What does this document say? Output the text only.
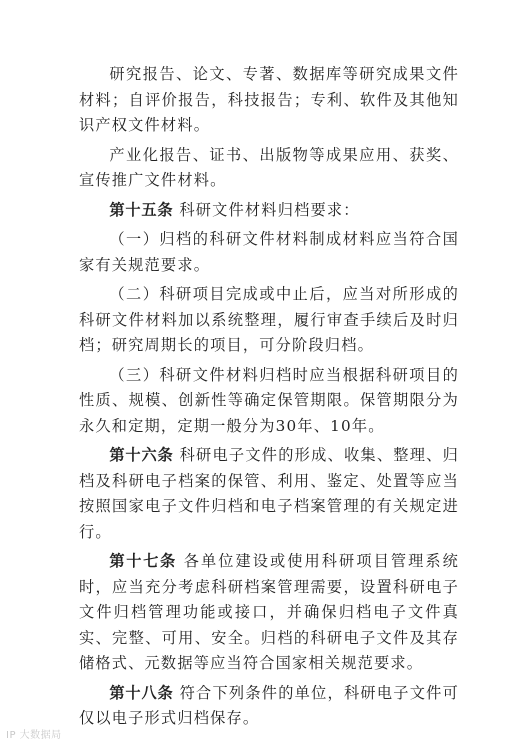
研究报告、论文、专著、数据库等研究成果文件材料；自评价报告，科技报告；专利、软件及其他知识产权文件材料。

产业化报告、证书、出版物等成果应用、获奖、宣传推广文件材料。

第十五条 科研文件材料归档要求：

（一）归档的科研文件材料制成材料应当符合国家有关规范要求。

（二）科研项目完成或中止后，应当对所形成的科研文件材料加以系统整理，履行审查手续后及时归档；研究周期长的项目，可分阶段归档。

（三）科研文件材料归档时应当根据科研项目的性质、规模、创新性等确定保管期限。保管期限分为永久和定期，定期一般分为30年、10年。

第十六条 科研电子文件的形成、收集、整理、归档及科研电子档案的保管、利用、鉴定、处置等应当按照国家电子文件归档和电子档案管理的有关规定进行。

第十七条 各单位建设或使用科研项目管理系统时，应当充分考虑科研档案管理需要，设置科研电子文件归档管理功能或接口，并确保归档电子文件真实、完整、可用、安全。归档的科研电子文件及其存储格式、元数据等应当符合国家相关规范要求。

第十八条 符合下列条件的单位，科研电子文件可仅以电子形式归档保存。

IP 大数据局
